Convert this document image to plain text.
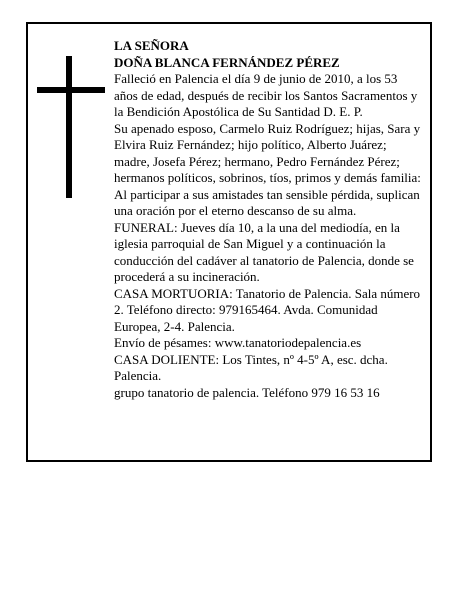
LA SEÑORA

DOÑA BLANCA FERNÁNDEZ PÉREZ

Falleció en Palencia el día 9 de junio de 2010, a los 53 años de edad, después de recibir los Santos Sacramentos y la Bendición Apostólica de Su Santidad D. E. P.

Su apenado esposo, Carmelo Ruiz Rodríguez; hijas, Sara y Elvira Ruiz Fernández; hijo político, Alberto Juárez; madre, Josefa Pérez; hermano, Pedro Fernández Pérez; hermanos políticos, sobrinos, tíos, primos y demás familia:

Al participar a sus amistades tan sensible pérdida, suplican una oración por el eterno descanso de su alma.

FUNERAL: Jueves día 10, a la una del mediodía, en la iglesia parroquial de San Miguel y a continuación la conducción del cadáver al tanatorio de Palencia, donde se procederá a su incineración.

CASA MORTUORIA: Tanatorio de Palencia. Sala número 2. Teléfono directo: 979165464. Avda. Comunidad Europea, 2-4. Palencia.

Envío de pésames: www.tanatoriodepalencia.es

CASA DOLIENTE: Los Tintes, nº 4-5º A, esc. dcha. Palencia.

grupo tanatorio de palencia. Teléfono 979 16 53 16
